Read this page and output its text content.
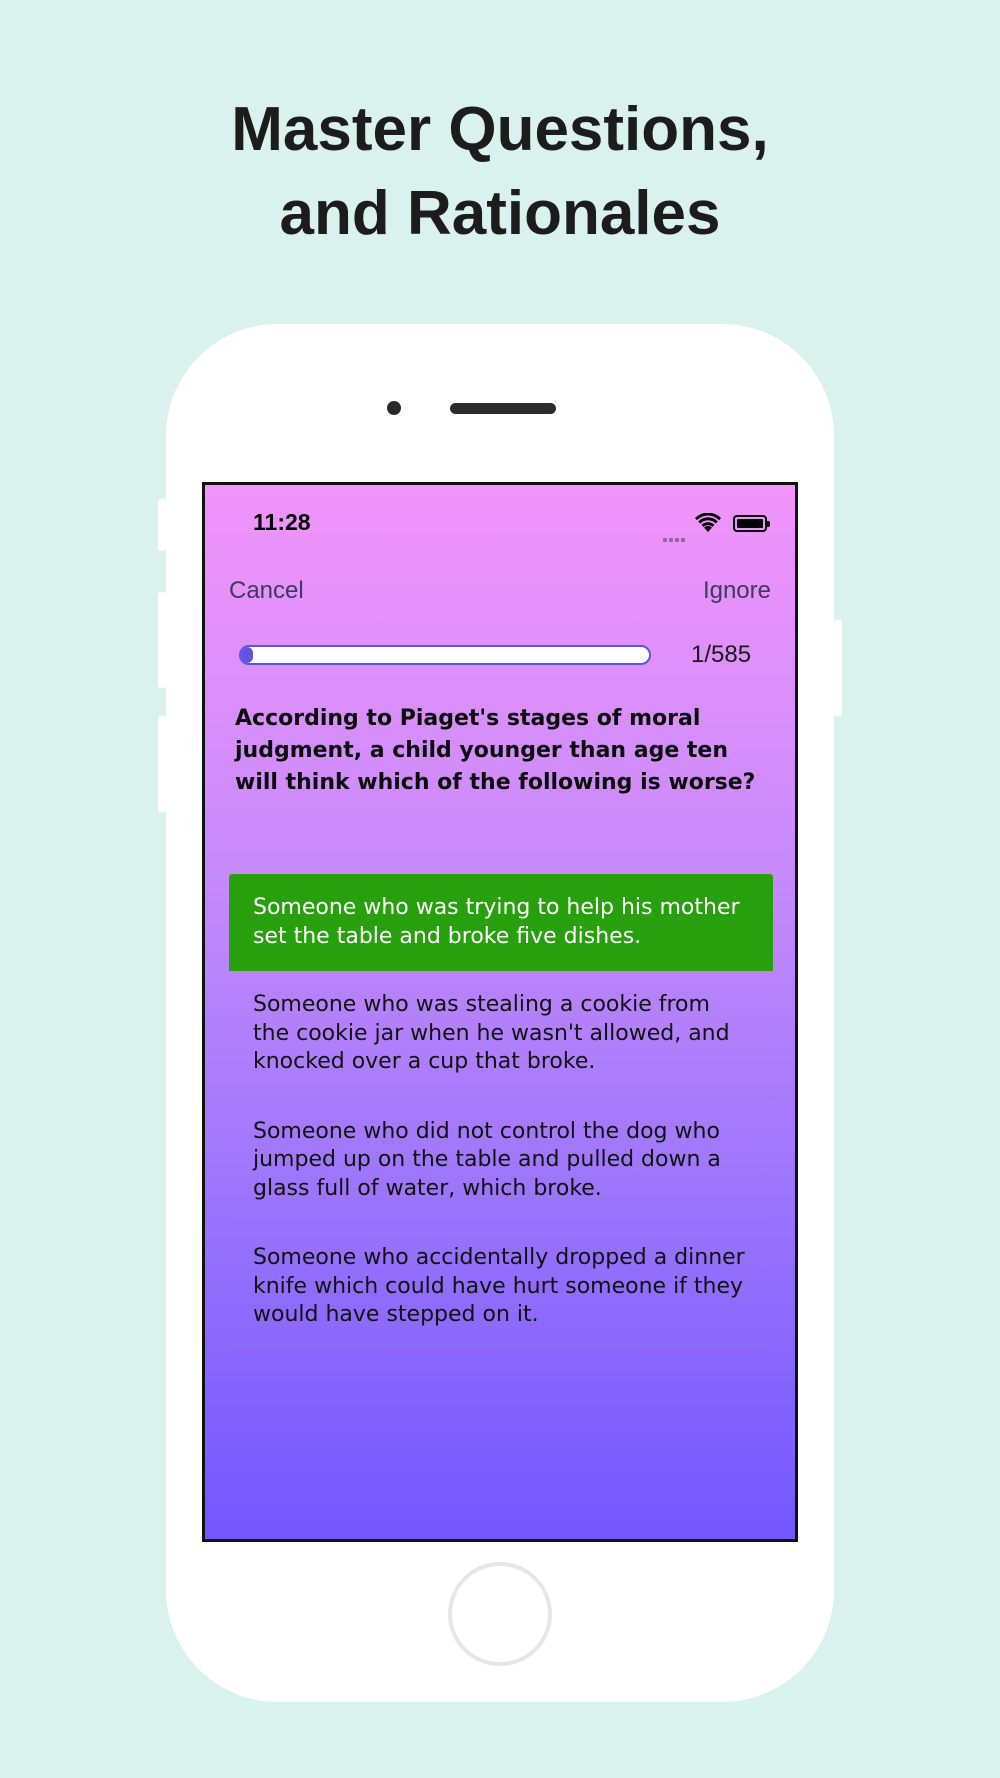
Master Questions,
and Rationales
11:28
Cancel	Ignore
1/585
According to Piaget's stages of moral judgment, a child younger than age ten will think which of the following is worse?
Someone who was trying to help his mother set the table and broke five dishes.
Someone who was stealing a cookie from the cookie jar when he wasn't allowed, and knocked over a cup that broke.
Someone who did not control the dog who jumped up on the table and pulled down a glass full of water, which broke.
Someone who accidentally dropped a dinner knife which could have hurt someone if they would have stepped on it.
